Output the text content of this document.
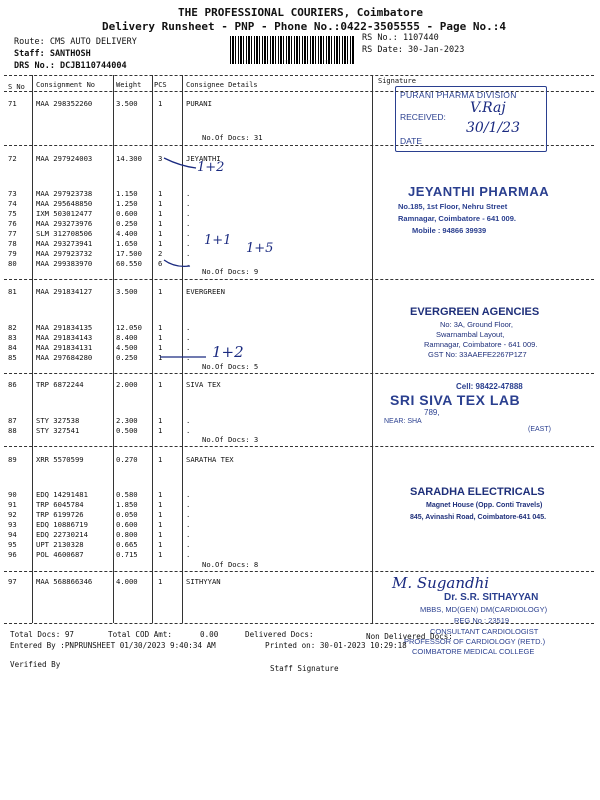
THE PROFESSIONAL COURIERS, Coimbatore
Delivery Runsheet - PNP - Phone No.:0422-3505555 - Page No.:4
Route: CMS AUTO DELIVERY
Staff: SANTHOSH
DRS No.: DCJB110744004
RS No.: 1107440
RS Date: 30-Jan-2023
S No Consignment No	Weight PCS	Consignee Details	Signature
71	MAA 298352260	3.500	1	PURANI
No.Of Docs: 31
72	MAA 297924003	14.300 3	JEYANTHI
73	MAA 297923738	1.150	1	.
74	MAA 295648850	1.250	1	.
75	IXM 503012477	0.600	1	.
76	MAA 293273976	0.250	1	.
77	SLM 312708506	4.400	1	.
78	MAA 293273941	1.650	1	.
79	MAA 297923732	17.500 2	.
80	MAA 299383970	60.550 6	.
No.Of Docs: 9
81	MAA 291834127	3.500	1	EVERGREEN
82	MAA 291834135	12.050 1	.
83	MAA 291834143	8.400	1	.
84	MAA 291834131	4.500	1	.
85	MAA 297684280	0.250	1	.
No.Of Docs: 5
86	TRP 6872244	2.000	1	SIVA TEX
87	STY 327538	2.300	1	.
88	STY 327541	0.500	1	.
No.Of Docs: 3
89	XRR 5570599	0.270	1	SARATHA TEX
90	EDQ 14291481	0.580	1	.
91	TRP 6045784	1.850	1	.
92	TRP 6199726	0.050	1	.
93	EDQ 10886719	0.600	1	.
94	EDQ 22730214	0.800	1	.
95	UPT 2130328	0.665	1	.
96	POL 4600687	0.715	1	.
No.Of Docs: 8
97	MAA 568866346	4.000	1	SITHYYAN
1+2
1+1
1+5
1+2
PURANI PHARMA DIVISION
RECEIVED:
DATE
V.Raj
30/1/23
JEYANTHI PHARMAA
No.185, 1st Floor, Nehru Street
Ramnagar, Coimbatore - 641 009.
Mobile : 94866 39939
EVERGREEN AGENCIES
No: 3A, Ground Floor,
Swarnambal Layout,
Ramnagar, Coimbatore - 641 009.
GST No: 33AAEFE2267P1Z7
Cell: 98422-47888
SRI SIVA TEX LAB
789,
NEAR: SHA
(EAST)
SARADHA ELECTRICALS
Magnet House (Opp. Conti Travels)
845, Avinashi Road, Coimbatore-641 045.
M. Sugandhi
Dr. S.R. SITHAYYAN
MBBS, MD(GEN) DM(CARDIOLOGY)
REG No : 23519
CONSULTANT CARDIOLOGIST
PROFESSOR OF CARDIOLOGY (RETD.)
COIMBATORE MEDICAL COLLEGE
Total Docs: 97	Total COD Amt:	0.00	Delivered Docs:	Non Delivered Docs:
Entered By :PNPRUNSHEET 01/30/2023 9:40:34 AM	Printed on: 30-01-2023 10:29:18
Verified By	Staff Signature
